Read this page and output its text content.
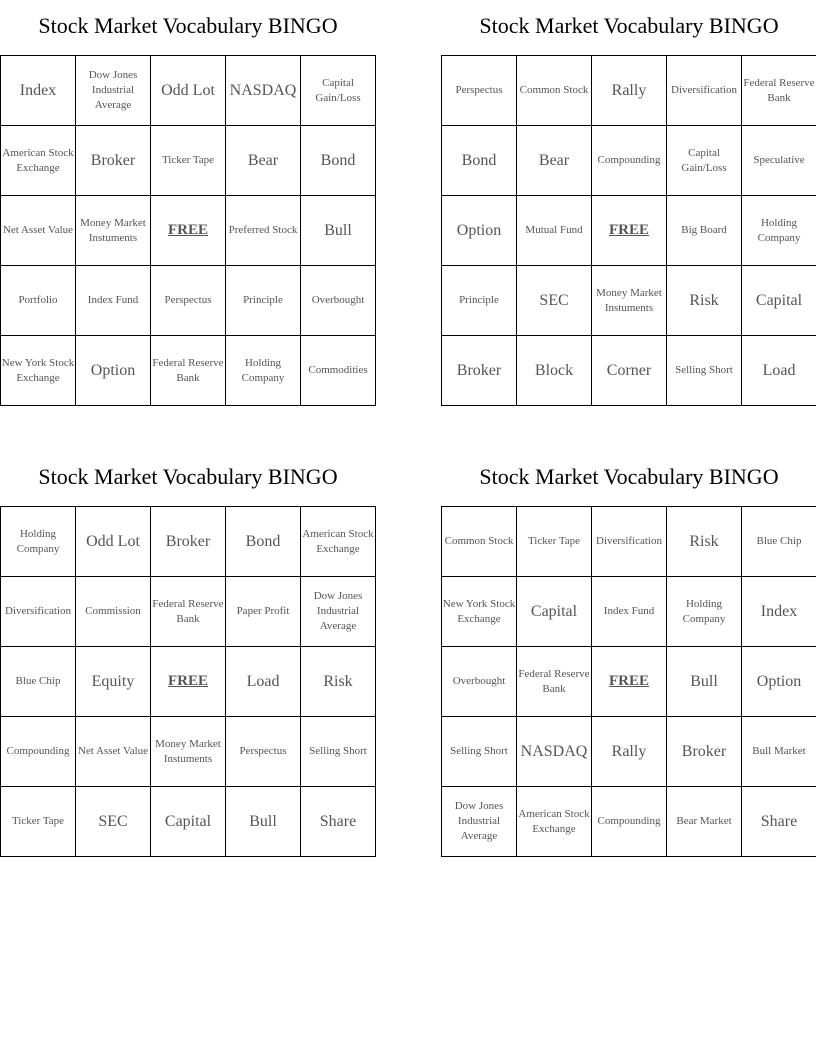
Stock Market Vocabulary BINGO
Index	Dow Jones Industrial Average	Odd Lot	NASDAQ	Capital Gain/Loss
American Stock Exchange	Broker	Ticker Tape	Bear	Bond
Net Asset Value	Money Market Instuments	FREE	Preferred Stock	Bull
Portfolio	Index Fund	Perspectus	Principle	Overbought
New York Stock Exchange	Option	Federal Reserve Bank	Holding Company	Commodities
Stock Market Vocabulary BINGO
Perspectus	Common Stock	Rally	Diversification	Federal Reserve Bank
Bond	Bear	Compounding	Capital Gain/Loss	Speculative
Option	Mutual Fund	FREE	Big Board	Holding Company
Principle	SEC	Money Market Instuments	Risk	Capital
Broker	Block	Corner	Selling Short	Load
Stock Market Vocabulary BINGO
Holding Company	Odd Lot	Broker	Bond	American Stock Exchange
Diversification	Commission	Federal Reserve Bank	Paper Profit	Dow Jones Industrial Average
Blue Chip	Equity	FREE	Load	Risk
Compounding	Net Asset Value	Money Market Instuments	Perspectus	Selling Short
Ticker Tape	SEC	Capital	Bull	Share
Stock Market Vocabulary BINGO
Common Stock	Ticker Tape	Diversification	Risk	Blue Chip
New York Stock Exchange	Capital	Index Fund	Holding Company	Index
Overbought	Federal Reserve Bank	FREE	Bull	Option
Selling Short	NASDAQ	Rally	Broker	Bull Market
Dow Jones Industrial Average	American Stock Exchange	Compounding	Bear Market	Share
